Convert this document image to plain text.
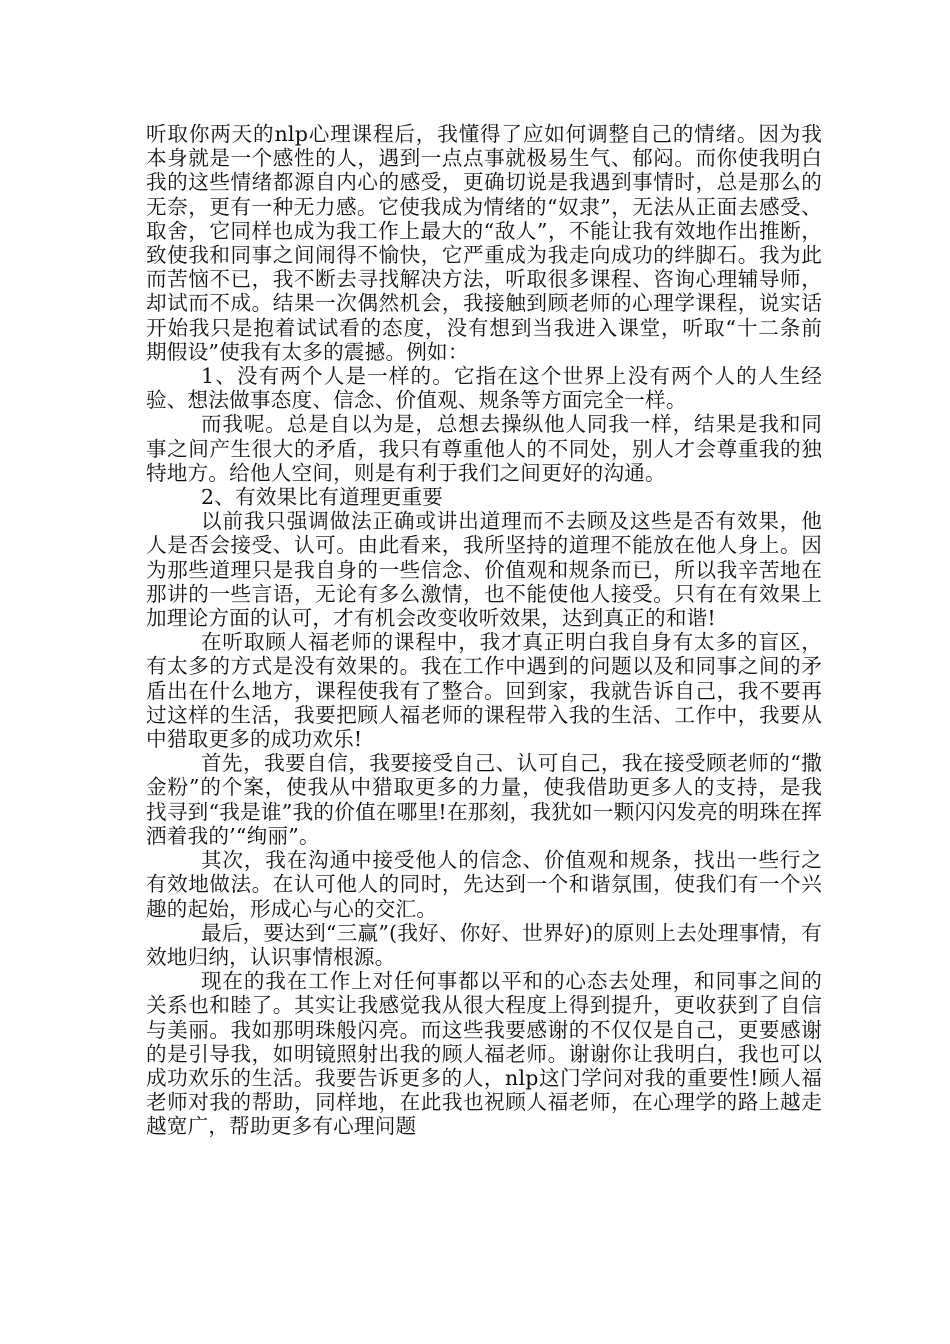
听取你两天的nlp心理课程后，我懂得了应如何调整自己的情绪。因为我本身就是一个感性的人，遇到一点点事就极易生气、郁闷。而你使我明白我的这些情绪都源自内心的感受，更确切说是我遇到事情时，总是那么的无奈，更有一种无力感。它使我成为情绪的“奴隶”，无法从正面去感受、取舍，它同样也成为我工作上最大的“敌人”，不能让我有效地作出推断，致使我和同事之间闹得不愉快，它严重成为我走向成功的绊脚石。我为此而苦恼不已，我不断去寻找解决方法，听取很多课程、咨询心理辅导师，却试而不成。结果一次偶然机会，我接触到顾老师的心理学课程，说实话开始我只是抱着试试看的态度，没有想到当我进入课堂，听取“十二条前期假设”使我有太多的震撼。例如：

1、没有两个人是一样的。它指在这个世界上没有两个人的人生经验、想法做事态度、信念、价值观、规条等方面完全一样。

而我呢。总是自以为是，总想去操纵他人同我一样，结果是我和同事之间产生很大的矛盾，我只有尊重他人的不同处，别人才会尊重我的独特地方。给他人空间，则是有利于我们之间更好的沟通。

2、有效果比有道理更重要

以前我只强调做法正确或讲出道理而不去顾及这些是否有效果，他人是否会接受、认可。由此看来，我所坚持的道理不能放在他人身上。因为那些道理只是我自身的一些信念、价值观和规条而已，所以我辛苦地在那讲的一些言语，无论有多么激情，也不能使他人接受。只有在有效果上加理论方面的认可，才有机会改变收听效果，达到真正的和谐!

在听取顾人福老师的课程中，我才真正明白我自身有太多的盲区，有太多的方式是没有效果的。我在工作中遇到的问题以及和同事之间的矛盾出在什么地方，课程使我有了整合。回到家，我就告诉自己，我不要再过这样的生活，我要把顾人福老师的课程带入我的生活、工作中，我要从中猎取更多的成功欢乐!

首先，我要自信，我要接受自己、认可自己，我在接受顾老师的“撒金粉”的个案，使我从中猎取更多的力量，使我借助更多人的支持，是我找寻到“我是谁”我的价值在哪里!在那刻，我犹如一颗闪闪发亮的明珠在挥洒着我的’“绚丽”。

其次，我在沟通中接受他人的信念、价值观和规条，找出一些行之有效地做法。在认可他人的同时，先达到一个和谐氛围，使我们有一个兴趣的起始，形成心与心的交汇。

最后，要达到“三赢”(我好、你好、世界好)的原则上去处理事情，有效地归纳，认识事情根源。

现在的我在工作上对任何事都以平和的心态去处理，和同事之间的关系也和睦了。其实让我感觉我从很大程度上得到提升，更收获到了自信与美丽。我如那明珠般闪亮。而这些我要感谢的不仅仅是自己，更要感谢的是引导我，如明镜照射出我的顾人福老师。谢谢你让我明白，我也可以成功欢乐的生活。我要告诉更多的人，nlp这门学问对我的重要性!顾人福老师对我的帮助，同样地，在此我也祝顾人福老师，在心理学的路上越走越宽广，帮助更多有心理问题
